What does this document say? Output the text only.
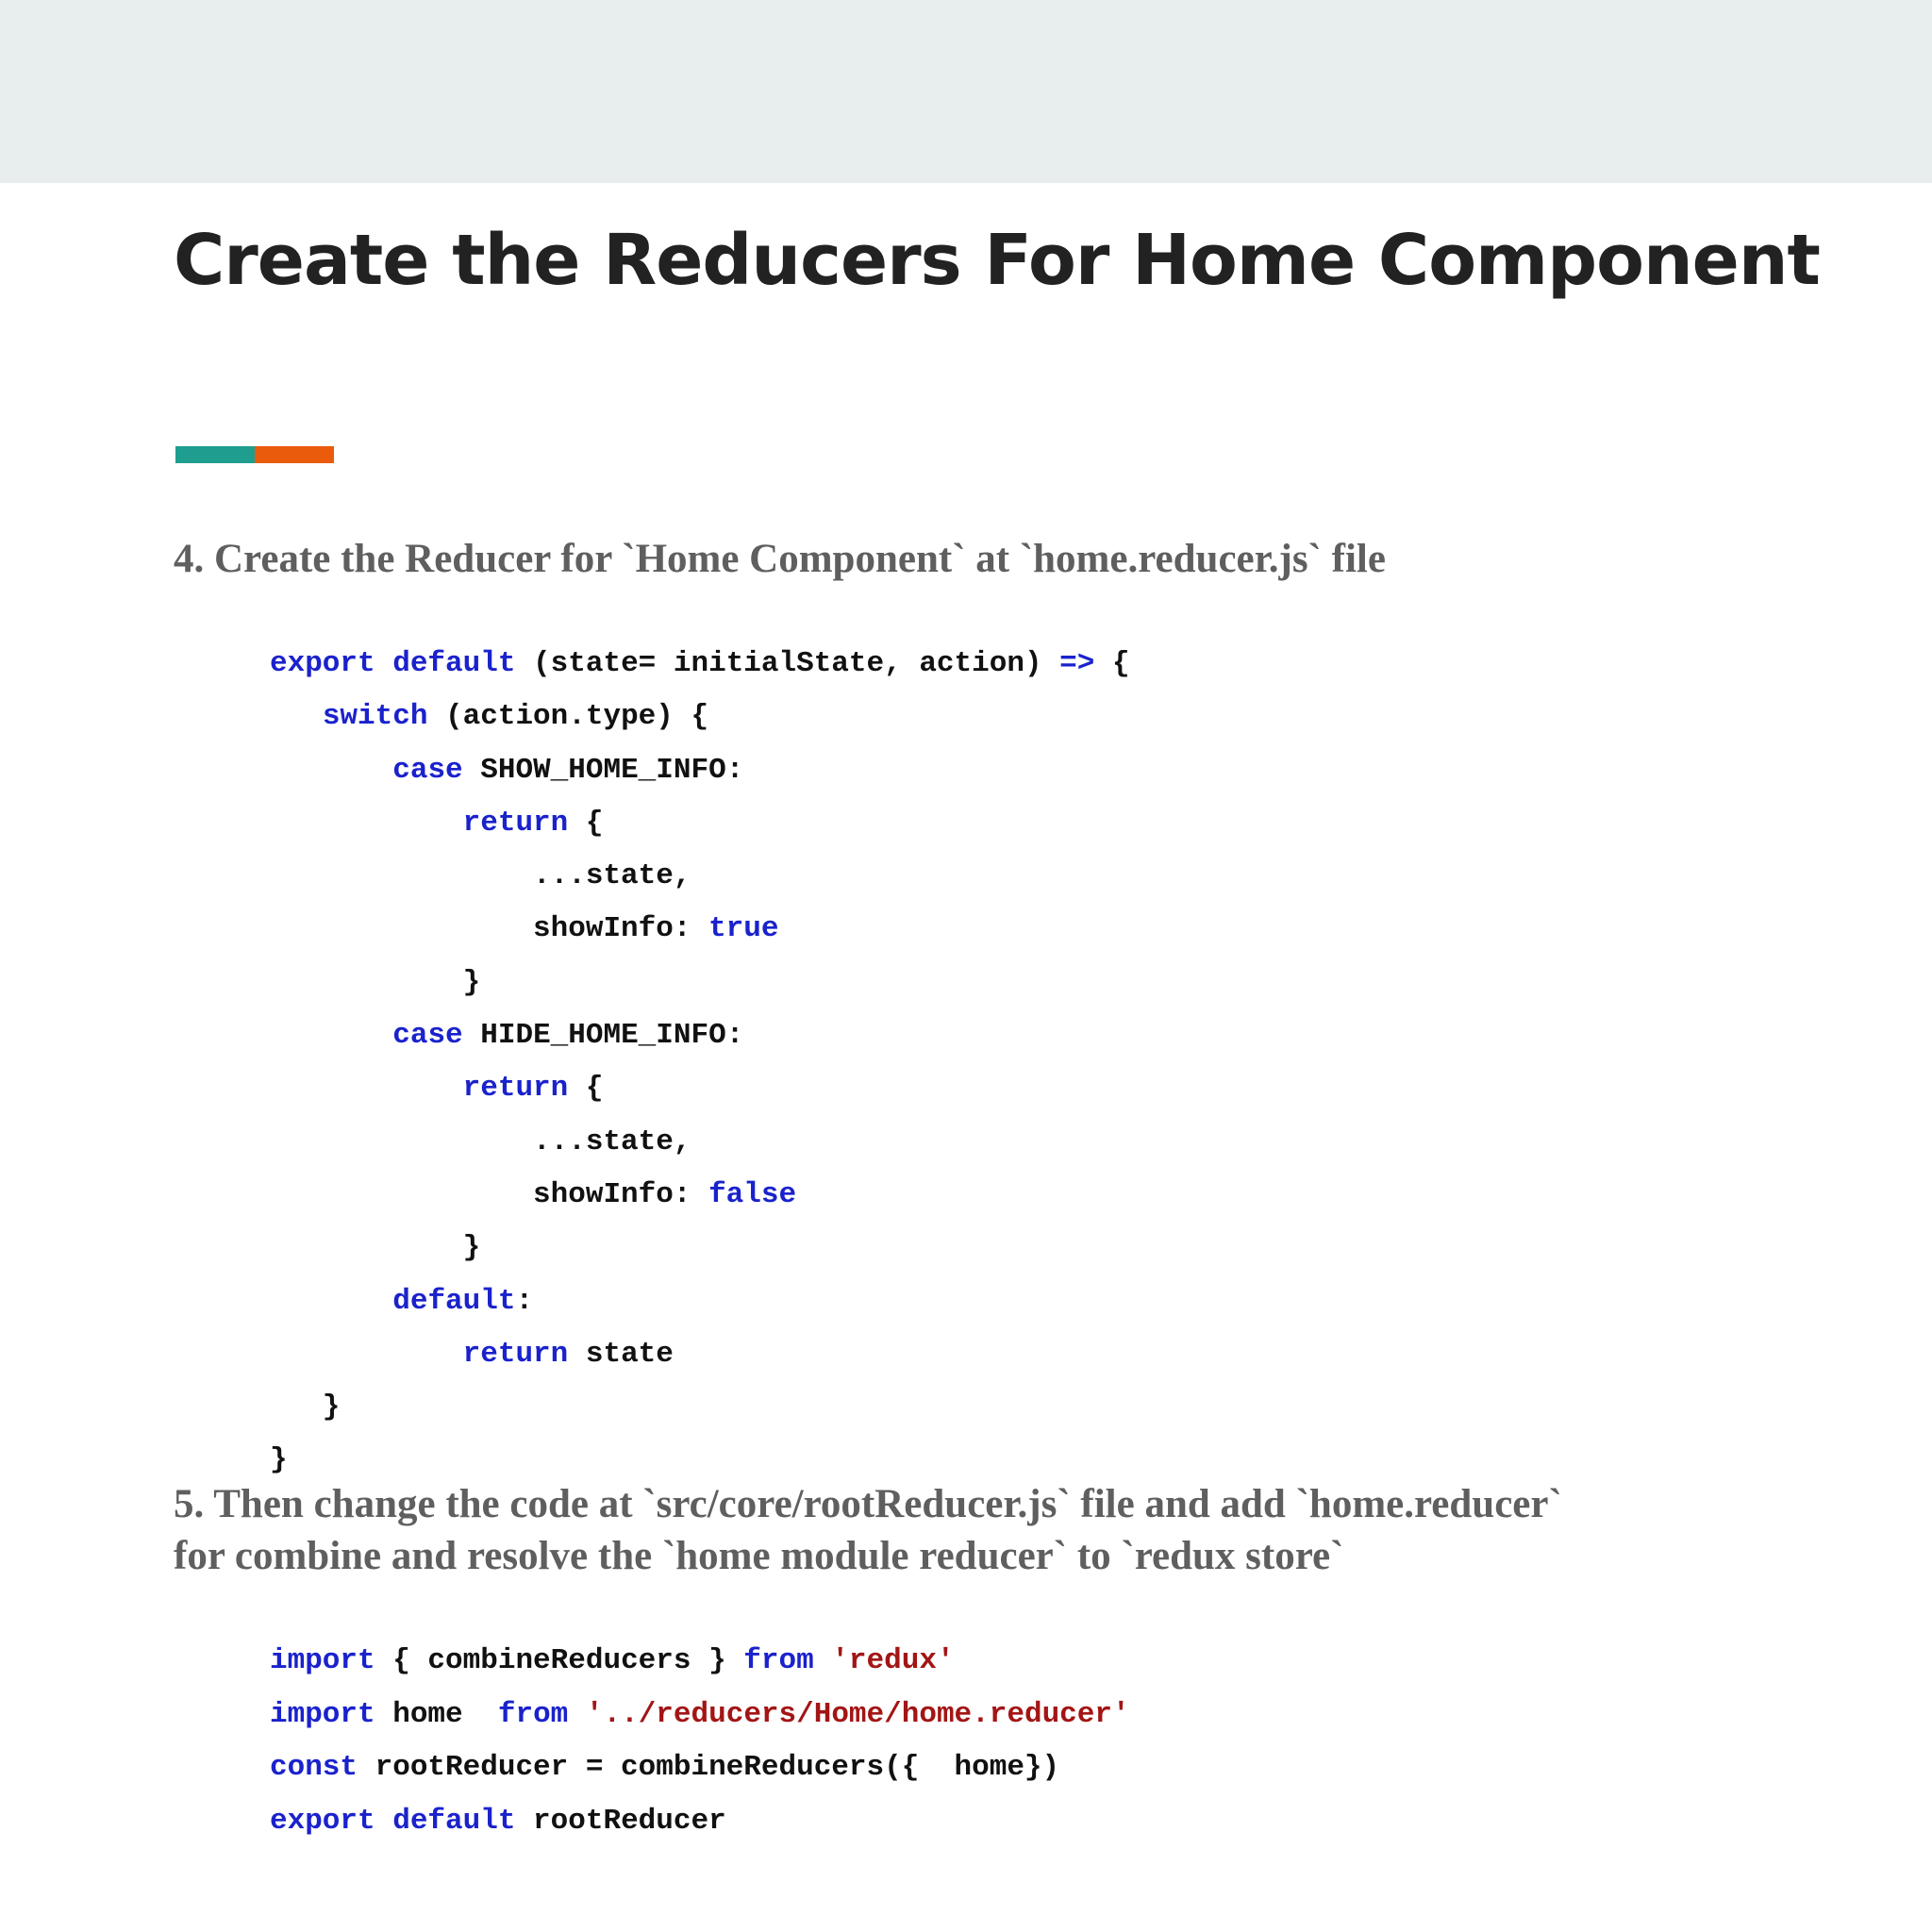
Create the Reducers For Home Component

4. Create the Reducer for `Home Component` at `home.reducer.js` file

export default (state= initialState, action) => {
switch (action.type) {
case SHOW_HOME_INFO:
return {
...state,
showInfo: true
}
case HIDE_HOME_INFO:
return {
...state,
showInfo: false
}
default:
return state
}
}

5. Then change the code at `src/core/rootReducer.js` file and add `home.reducer`

for combine and resolve the `home module reducer` to `redux store`

import { combineReducers } from 'redux'
import home  from '../reducers/Home/home.reducer'
const rootReducer = combineReducers({  home})
export default rootReducer
